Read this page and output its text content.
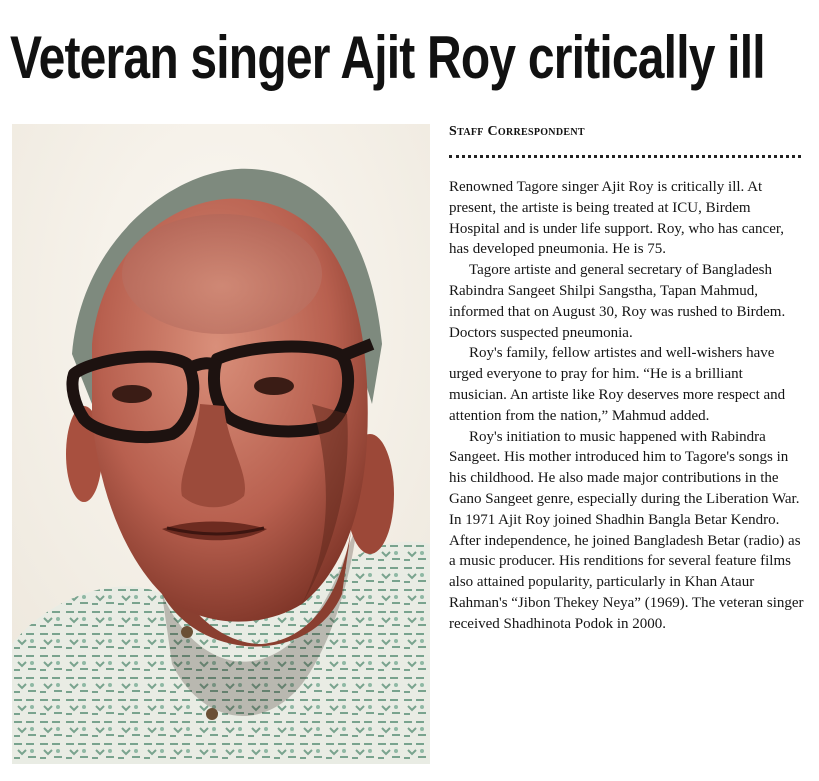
Veteran singer Ajit Roy critically ill
Staff Correspondent

Renowned Tagore singer Ajit Roy is critically ill. At present, the artiste is being treated at ICU, Birdem Hospital and is under life support. Roy, who has cancer, has developed pneumonia. He is 75.

Tagore artiste and general secretary of Bangladesh Rabindra Sangeet Shilpi Sangstha, Tapan Mahmud, informed that on August 30, Roy was rushed to Birdem. Doctors suspected pneumonia.

Roy's family, fellow artistes and well-wishers have urged everyone to pray for him. “He is a brilliant musician. An artiste like Roy deserves more respect and attention from the nation,” Mahmud added.

Roy's initiation to music happened with Rabindra Sangeet. His mother introduced him to Tagore's songs in his childhood. He also made major contributions in the Gano Sangeet genre, especially during the Liberation War. In 1971 Ajit Roy joined Shadhin Bangla Betar Kendro. After independence, he joined Bangladesh Betar (radio) as a music producer. His renditions for several feature films also attained popularity, particularly in Khan Ataur Rahman's “Jibon Thekey Neya” (1969). The veteran singer received Shadhinota Podok in 2000.
